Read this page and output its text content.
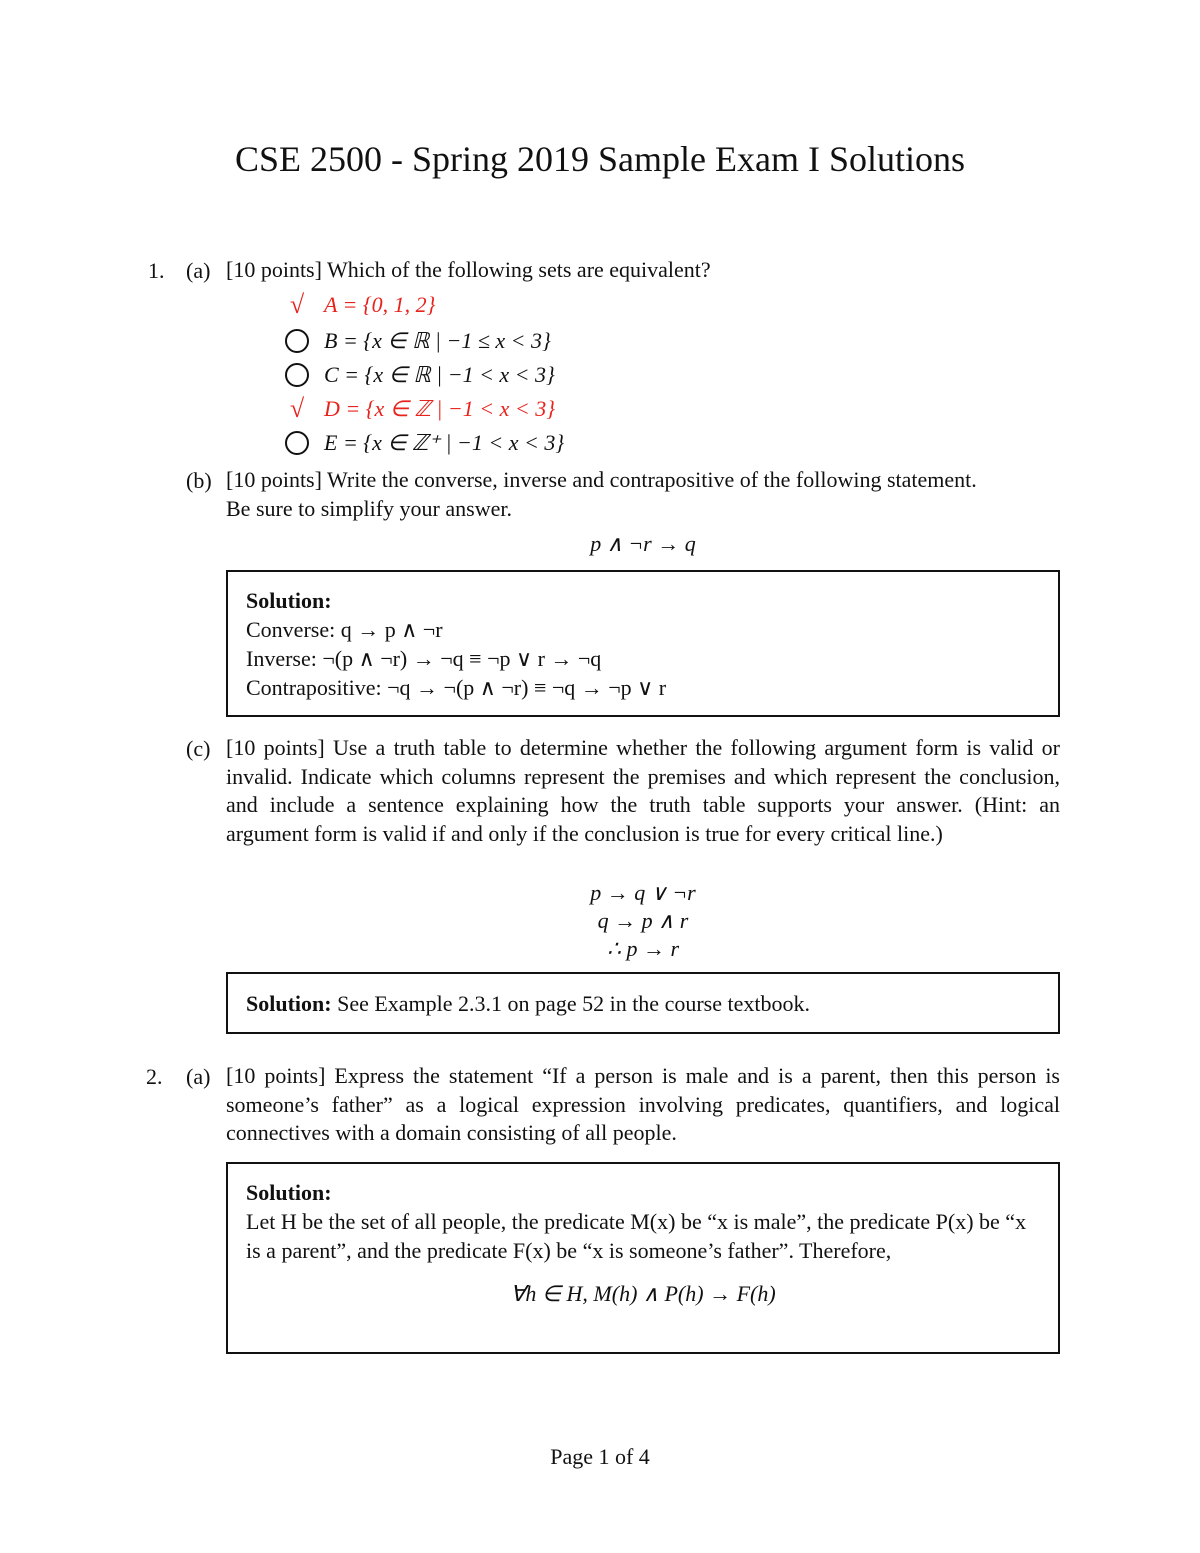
CSE 2500 - Spring 2019 Sample Exam I Solutions
1. (a) [10 points] Which of the following sets are equivalent?
√ A = {0, 1, 2}
B = {x ∈ ℝ | −1 ≤ x < 3}
C = {x ∈ ℝ | −1 < x < 3}
√ D = {x ∈ ℤ | −1 < x < 3}
E = {x ∈ ℤ⁺ | −1 < x < 3}
(b) [10 points] Write the converse, inverse and contrapositive of the following statement.
Be sure to simplify your answer.
p ∧ ¬r → q
Solution:
Converse: q → p ∧ ¬r
Inverse: ¬(p ∧ ¬r) → ¬q ≡ ¬p ∨ r → ¬q
Contrapositive: ¬q → ¬(p ∧ ¬r) ≡ ¬q → ¬p ∨ r
(c) [10 points] Use a truth table to determine whether the following argument form is valid or invalid. Indicate which columns represent the premises and which represent the conclusion, and include a sentence explaining how the truth table supports your answer. (Hint: an argument form is valid if and only if the conclusion is true for every critical line.)
p → q ∨ ¬r
q → p ∧ r
∴ p → r
Solution: See Example 2.3.1 on page 52 in the course textbook.
2. (a) [10 points] Express the statement “If a person is male and is a parent, then this person is someone’s father” as a logical expression involving predicates, quantifiers, and logical connectives with a domain consisting of all people.
Solution:
Let H be the set of all people, the predicate M(x) be “x is male”, the predicate P(x) be “x is a parent”, and the predicate F(x) be “x is someone’s father”. Therefore,
∀h ∈ H, M(h) ∧ P(h) → F(h)
Page 1 of 4
